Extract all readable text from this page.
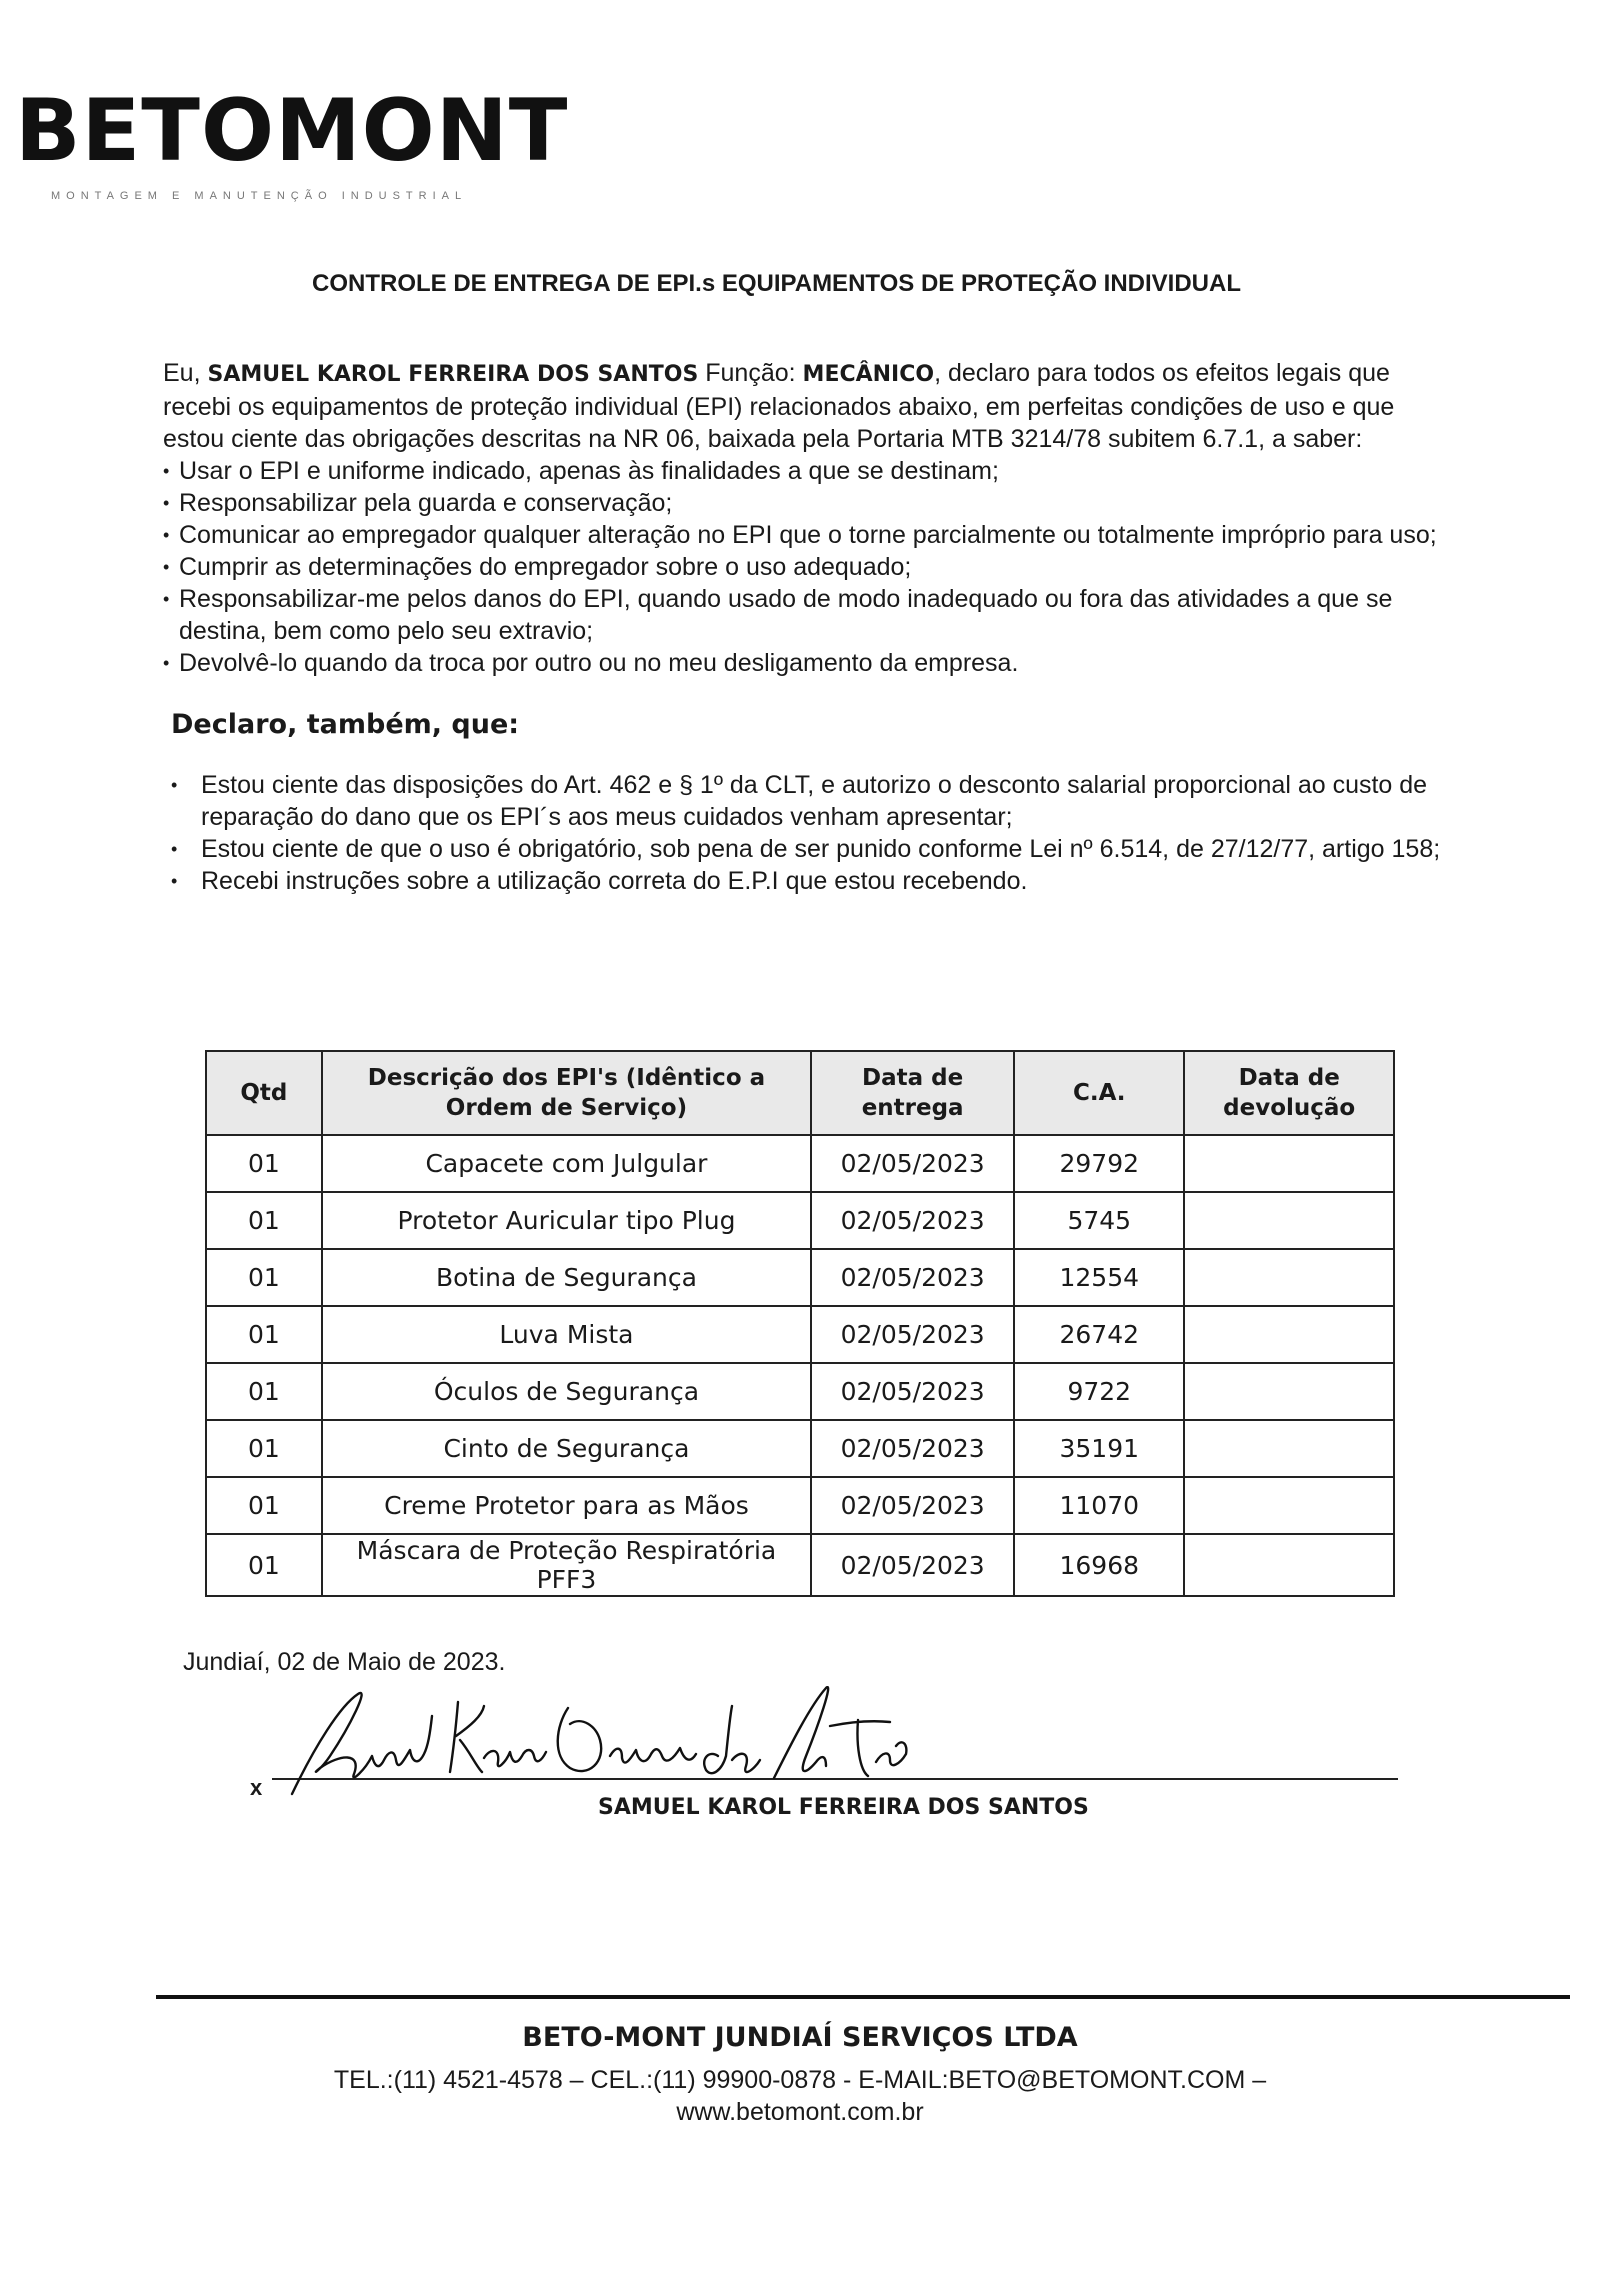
BETOMONT
MONTAGEM E MANUTENÇÃO INDUSTRIAL
CONTROLE DE ENTREGA DE EPI.s EQUIPAMENTOS DE PROTEÇÃO INDIVIDUAL

Eu, SAMUEL KAROL FERREIRA DOS SANTOS Função: MECÂNICO, declaro para todos os efeitos legais que recebi os equipamentos de proteção individual (EPI) relacionados abaixo, em perfeitas condições de uso e que estou ciente das obrigações descritas na NR 06, baixada pela Portaria MTB 3214/78 subitem 6.7.1, a saber:

• Usar o EPI e uniforme indicado, apenas às finalidades a que se destinam;
• Responsabilizar pela guarda e conservação;
• Comunicar ao empregador qualquer alteração no EPI que o torne parcialmente ou totalmente impróprio para uso;
• Cumprir as determinações do empregador sobre o uso adequado;
• Responsabilizar-me pelos danos do EPI, quando usado de modo inadequado ou fora das atividades a que se destina, bem como pelo seu extravio;
• Devolvê-lo quando da troca por outro ou no meu desligamento da empresa.
Declaro, também, que:
• Estou ciente das disposições do Art. 462 e § 1º da CLT, e autorizo o desconto salarial proporcional ao custo de reparação do dano que os EPI´s aos meus cuidados venham apresentar;
• Estou ciente de que o uso é obrigatório, sob pena de ser punido conforme Lei nº 6.514, de 27/12/77, artigo 158;
• Recebi instruções sobre a utilização correta do E.P.I que estou recebendo.
Qtd	Descrição dos EPI's (Idêntico a Ordem de Serviço)	Data de entrega	C.A.	Data de devolução
01	Capacete com Julgular	02/05/2023	29792	
01	Protetor Auricular tipo Plug	02/05/2023	5745	
01	Botina de Segurança	02/05/2023	12554	
01	Luva Mista	02/05/2023	26742	
01	Óculos de Segurança	02/05/2023	9722	
01	Cinto de Segurança	02/05/2023	35191	
01	Creme Protetor para as Mãos	02/05/2023	11070	
01	Máscara de Proteção Respiratória PFF3	02/05/2023	16968	
Jundiaí, 02 de Maio de 2023.
x
SAMUEL KAROL FERREIRA DOS SANTOS
BETO-MONT JUNDIAÍ SERVIÇOS LTDA
TEL.:(11) 4521-4578 – CEL.:(11) 99900-0878 - E-MAIL:BETO@BETOMONT.COM –
www.betomont.com.br
